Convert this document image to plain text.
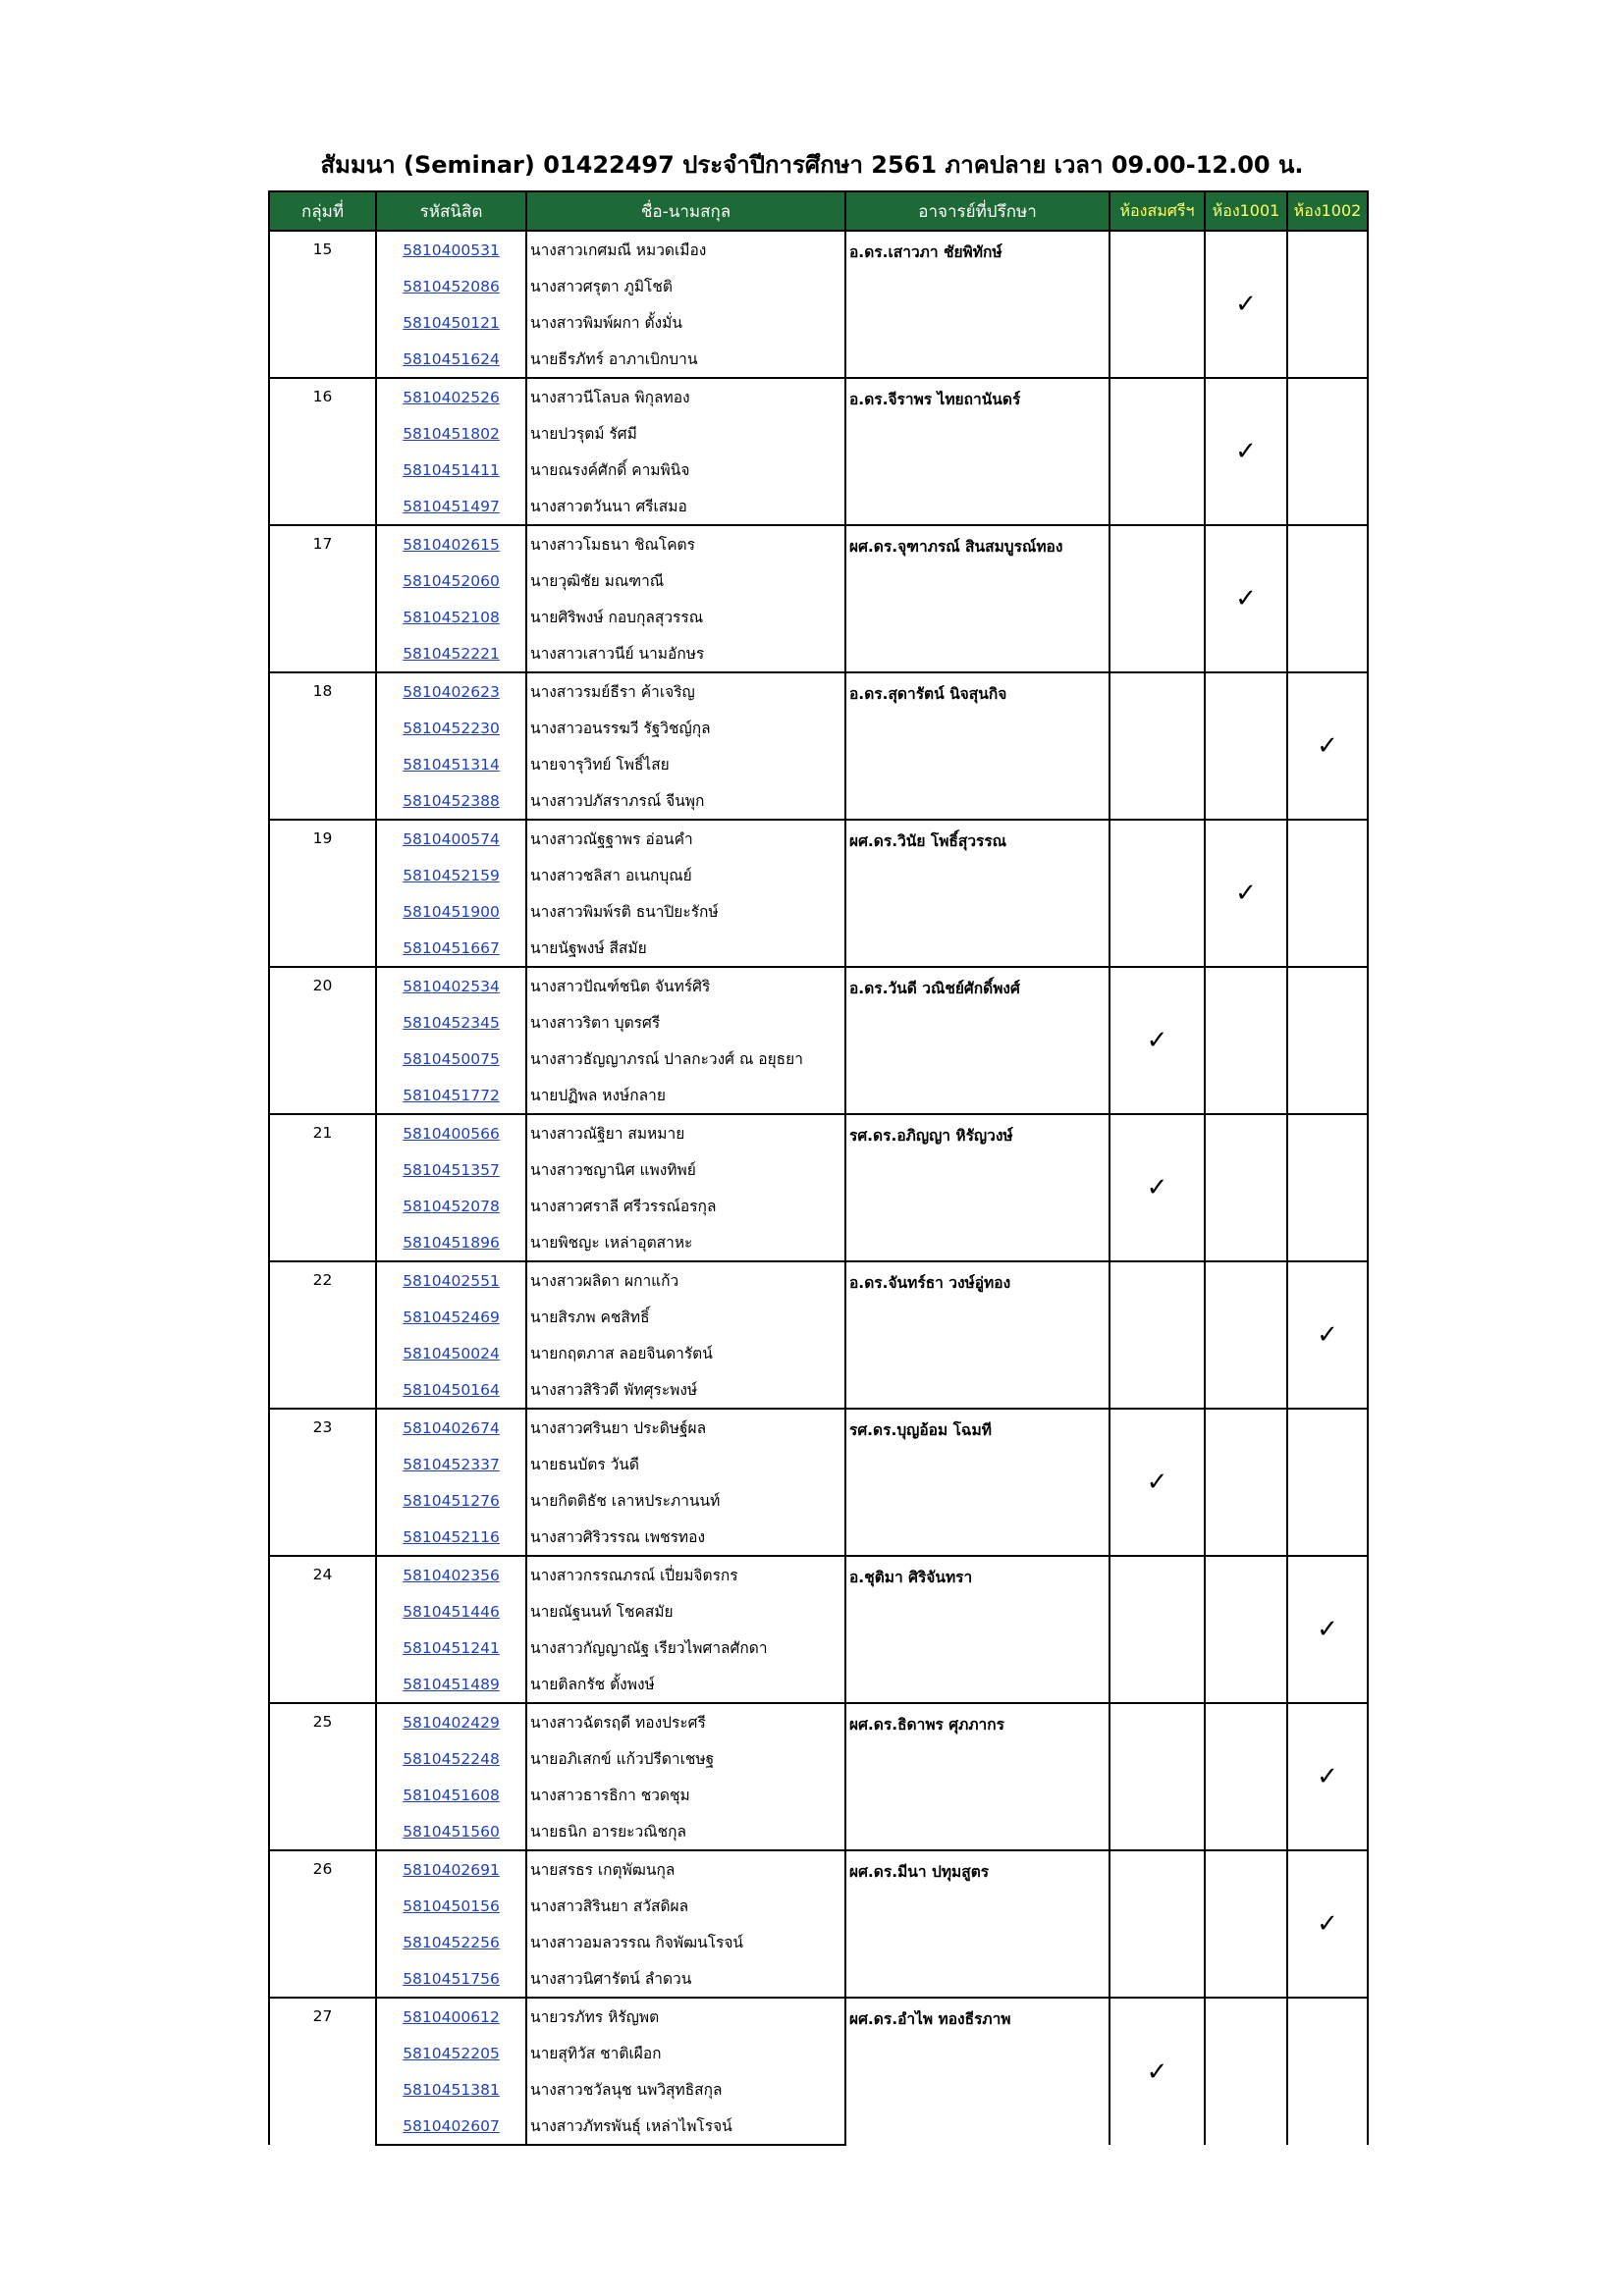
สัมมนา (Seminar) 01422497 ประจำปีการศึกษา 2561 ภาคปลาย เวลา 09.00-12.00 น.
กลุ่มที่	รหัสนิสิต	ชื่อ-นามสกุล	อาจารย์ที่ปรึกษา	ห้องสมศรีฯ	ห้อง1001	ห้อง1002
15	5810400531	นางสาวเกศมณี หมวดเมือง	อ.ดร.เสาวภา ชัยพิทักษ์		✓	
	5810452086	นางสาวศรุตา ภูมิโชติ				
	5810450121	นางสาวพิมพ์ผกา ตั้งมั่น				
	5810451624	นายธีรภัทร์ อาภาเบิกบาน				
16	5810402526	นางสาวนีโลบล พิกุลทอง	อ.ดร.จีราพร ไทยถานันดร์		✓	
	5810451802	นายปวรุตม์ รัศมี				
	5810451411	นายณรงค์ศักดิ์ คามพินิจ				
	5810451497	นางสาวตวันนา ศรีเสมอ				
17	5810402615	นางสาวโมธนา ชิณโคตร	ผศ.ดร.จุฑาภรณ์ สินสมบูรณ์ทอง		✓	
	5810452060	นายวุฒิชัย มณฑาณี				
	5810452108	นายศิริพงษ์ กอบกุลสุวรรณ				
	5810452221	นางสาวเสาวนีย์ นามอักษร				
18	5810402623	นางสาวรมย์ธีรา ค้าเจริญ	อ.ดร.สุดารัตน์ นิจสุนกิจ			✓
	5810452230	นางสาวอนรรฆวี รัฐวิชญ์กุล				
	5810451314	นายจารุวิทย์ โพธิ์ไสย				
	5810452388	นางสาวปภัสราภรณ์ จีนพุก				
19	5810400574	นางสาวณัฐฐาพร อ่อนคำ	ผศ.ดร.วินัย โพธิ์สุวรรณ		✓	
	5810452159	นางสาวชลิสา อเนกบุณย์				
	5810451900	นางสาวพิมพ์รติ ธนาปิยะรักษ์				
	5810451667	นายนัฐพงษ์ สีสมัย				
20	5810402534	นางสาวปัณฑ์ชนิต จันทร์ศิริ	อ.ดร.วันดี วณิชย์ศักดิ์พงศ์	✓		
	5810452345	นางสาวริตา บุตรศรี				
	5810450075	นางสาวธัญญาภรณ์ ปาลกะวงศ์ ณ อยุธยา				
	5810451772	นายปฏิพล หงษ์กลาย				
21	5810400566	นางสาวณัฐิยา สมหมาย	รศ.ดร.อภิญญา หิรัญวงษ์	✓		
	5810451357	นางสาวชญานิศ แพงทิพย์				
	5810452078	นางสาวศราลี ศรีวรรณ์อรกุล				
	5810451896	นายพิชญะ เหล่าอุตสาหะ				
22	5810402551	นางสาวผลิดา ผกาแก้ว	อ.ดร.จันทร์ธา วงษ์อู่ทอง			✓
	5810452469	นายสิรภพ คชสิทธิ์				
	5810450024	นายกฤตภาส ลอยจินดารัตน์				
	5810450164	นางสาวสิริวดี พัทศุระพงษ์				
23	5810402674	นางสาวศรินยา ประดิษฐ์ผล	รศ.ดร.บุญอ้อม โฉมที	✓		
	5810452337	นายธนบัตร วันดี				
	5810451276	นายกิตติธัช เลาหประภานนท์				
	5810452116	นางสาวศิริวรรณ เพชรทอง				
24	5810402356	นางสาวกรรณภรณ์ เปี่ยมจิตรกร	อ.ชุติมา ศิริจันทรา			✓
	5810451446	นายณัฐนนท์ โชคสมัย				
	5810451241	นางสาวกัญญาณัฐ เรียวไพศาลศักดา				
	5810451489	นายติลกรัช ตั้งพงษ์				
25	5810402429	นางสาวฉัตรฤดี ทองประศรี	ผศ.ดร.ธิดาพร ศุภภากร			✓
	5810452248	นายอภิเสกข์ แก้วปรีดาเชษฐ				
	5810451608	นางสาวธารธิกา ชวดชุม				
	5810451560	นายธนิก อารยะวณิชกุล				
26	5810402691	นายสรธร เกตุพัฒนกุล	ผศ.ดร.มีนา ปทุมสูตร			✓
	5810450156	นางสาวสิรินยา สวัสดิผล				
	5810452256	นางสาวอมลวรรณ กิจพัฒนโรจน์				
	5810451756	นางสาวนิศารัตน์ ลำดวน				
27	5810400612	นายวรภัทร หิรัญพต	ผศ.ดร.อำไพ ทองธีรภาพ	✓		
	5810452205	นายสุทิวัส ชาติเผือก				
	5810451381	นางสาวชวัลนุช นพวิสุทธิสกุล				
	5810402607	นางสาวภัทรพันธุ์ เหล่าไพโรจน์				
